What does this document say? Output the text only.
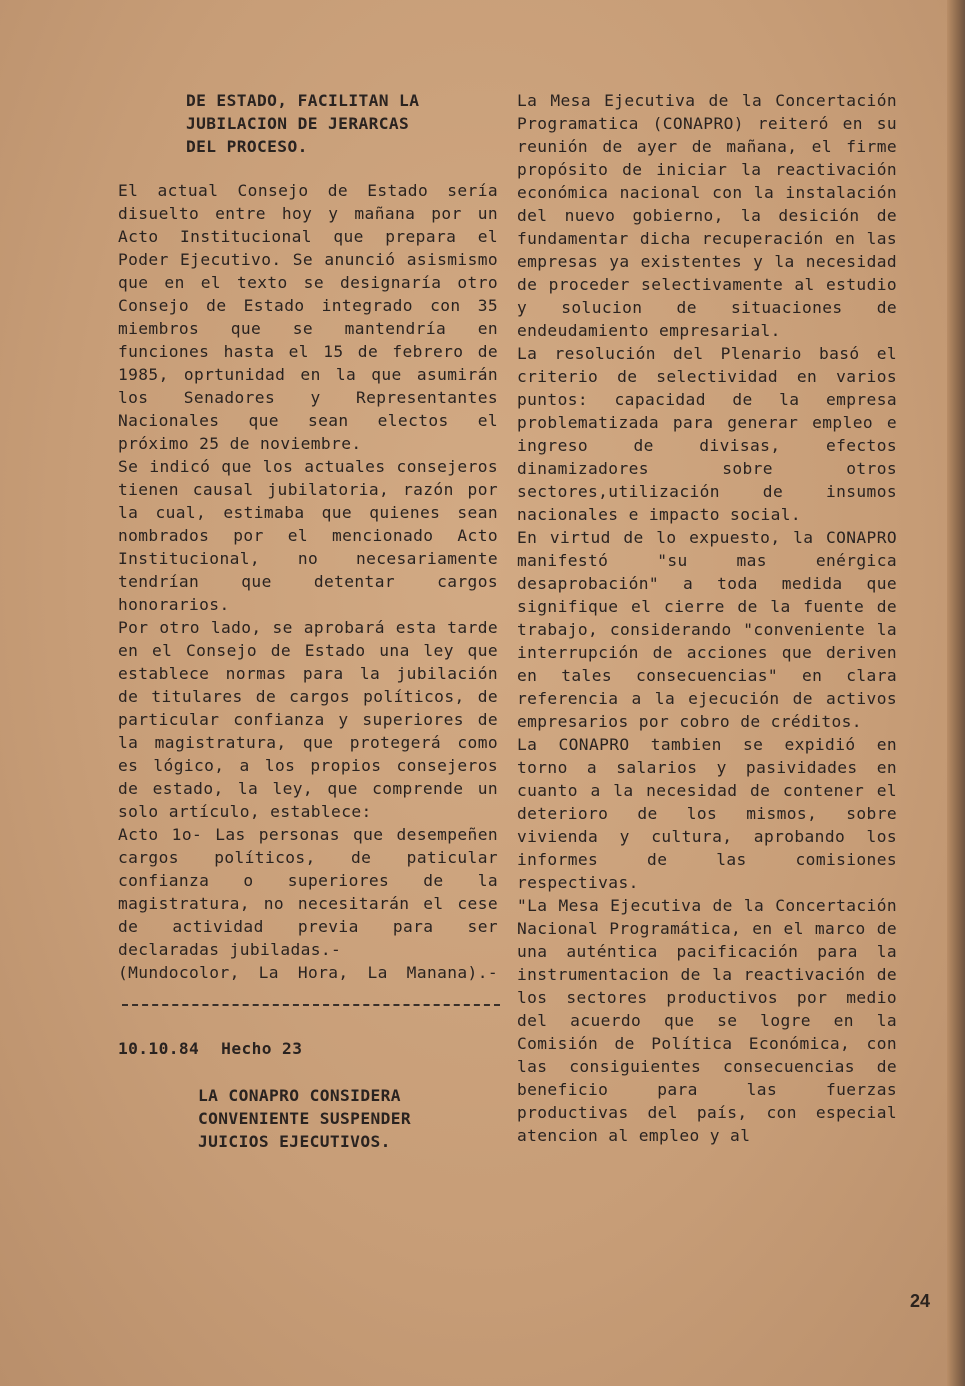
DE ESTADO, FACILITAN LA
JUBILACION DE JERARCAS
DEL PROCESO.

El actual Consejo de Estado sería disuelto entre hoy y mañana por un Acto Institucional que prepara el Poder Ejecutivo. Se anunció asismismo que en el texto se designaría otro Consejo de Estado integrado con 35 miembros que se mantendría en funciones hasta el 15 de febrero de 1985, oprtunidad en la que asumirán los Senadores y Representantes Nacionales que sean electos el próximo 25 de noviembre.

Se indicó que los actuales consejeros tienen causal jubilatoria, razón por la cual, estimaba que quienes sean nombrados por el mencionado Acto Institucional, no necesariamente tendrían que detentar cargos honorarios.

Por otro lado, se aprobará esta tarde en el Consejo de Estado una ley que establece normas para la jubilación de titulares de cargos políticos, de particular confianza y superiores de la magistratura, que protegerá como es lógico, a los propios consejeros de estado, la ley, que comprende un solo artículo, establece:

Acto 1o- Las personas que desempeñen cargos políticos, de paticular confianza o superiores de la magistratura, no necesitarán el cese de actividad previa para ser declaradas jubiladas.-

(Mundocolor, La Hora, La Manana).-

10.10.84 Hecho 23
LA CONAPRO CONSIDERA
CONVENIENTE SUSPENDER
JUICIOS EJECUTIVOS.

La Mesa Ejecutiva de la Concertación Programatica (CONAPRO) reiteró en su reunión de ayer de mañana, el firme propósito de iniciar la reactivación económica nacional con la instalación del nuevo gobierno, la desición de fundamentar dicha recuperación en las empresas ya existentes y la necesidad de proceder selectivamente al estudio y solucion de situaciones de endeudamiento empresarial.

La resolución del Plenario basó el criterio de selectividad en varios puntos: capacidad de la empresa problematizada para generar empleo e ingreso de divisas, efectos dinamizadores sobre otros sectores,utilización de insumos nacionales e impacto social.

En virtud de lo expuesto, la CONAPRO manifestó "su mas enérgica desaprobación" a toda medida que signifique el cierre de la fuente de trabajo, considerando "conveniente la interrupción de acciones que deriven en tales consecuencias" en clara referencia a la ejecución de activos empresarios por cobro de créditos.

La CONAPRO tambien se expidió en torno a salarios y pasividades en cuanto a la necesidad de contener el deterioro de los mismos, sobre vivienda y cultura, aprobando los informes de las comisiones respectivas.

"La Mesa Ejecutiva de la Concertación Nacional Programática, en el marco de una auténtica pacificación para la instrumentacion de la reactivación de los sectores productivos por medio del acuerdo que se logre en la Comisión de Política Económica, con las consiguientes consecuencias de beneficio para las fuerzas productivas del país, con especial atencion al empleo y al

24
